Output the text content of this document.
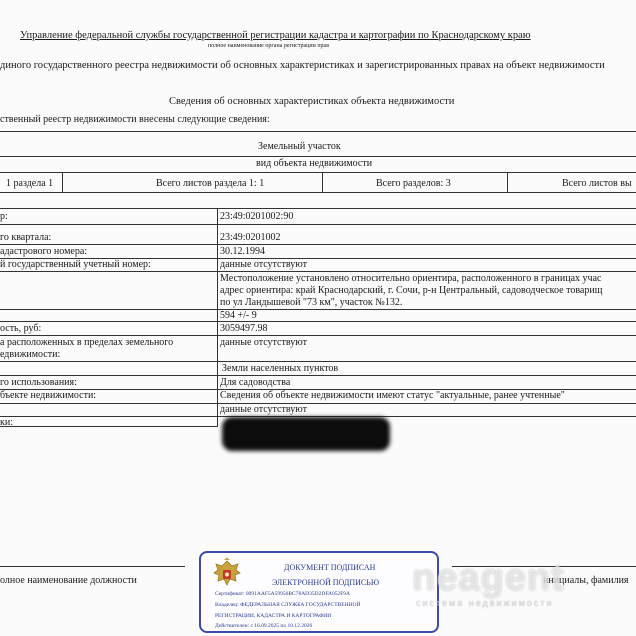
Управление федеральной службы государственной регистрации кадастра и картографии по Краснодарскому краю
полное наименование органа регистрации прав
диного государственного реестра недвижимости об основных характеристиках и зарегистрированных правах на объект недвижимости
Сведения об основных характеристиках объекта недвижимости
ственный реестр недвижимости внесены следующие сведения:
Земельный участок
вид объекта недвижимости
1 раздела 1	Всего листов раздела 1: 1	Всего разделов: 3	Всего листов вы
р:	23:49:0201002:90
го квартала:	23:49:0201002
адастрового номера:	30.12.1994
й государственный учетный номер:	данные отсутствуют
Местоположение установлено относительно ориентира, расположенного в границах учас
адрес ориентира: край Краснодарский, г. Сочи, р-н Центральный, садоводческое товарищ
по ул Ландышевой "73 км", участок №132.
594 +/- 9
ость, руб:	3059497.98
а расположенных в пределах земельного	данные отсутствуют
едвижимости:
Земли населенных пунктов
го использования:	Для садоводства
бъекте недвижимости:	Сведения об объекте недвижимости имеют статус "актуальные, ранее учтенные"
данные отсутствуют
ки:
олное наименование должности	инициалы, фамилия
ДОКУМЕНТ ПОДПИСАН
ЭЛЕКТРОННОЙ ПОДПИСЬЮ
Сертификат: 0091AAF5A59950BC78AD35D2DFA052F9A
Владелец: ФЕДЕРАЛЬНАЯ СЛУЖБА ГОСУДАРСТВЕННОЙ
РЕГИСТРАЦИИ, КАДАСТРА И КАРТОГРАФИИ
Действителен: с 16.09.2025 по 10.12.2026
neagent
система недвижимости
